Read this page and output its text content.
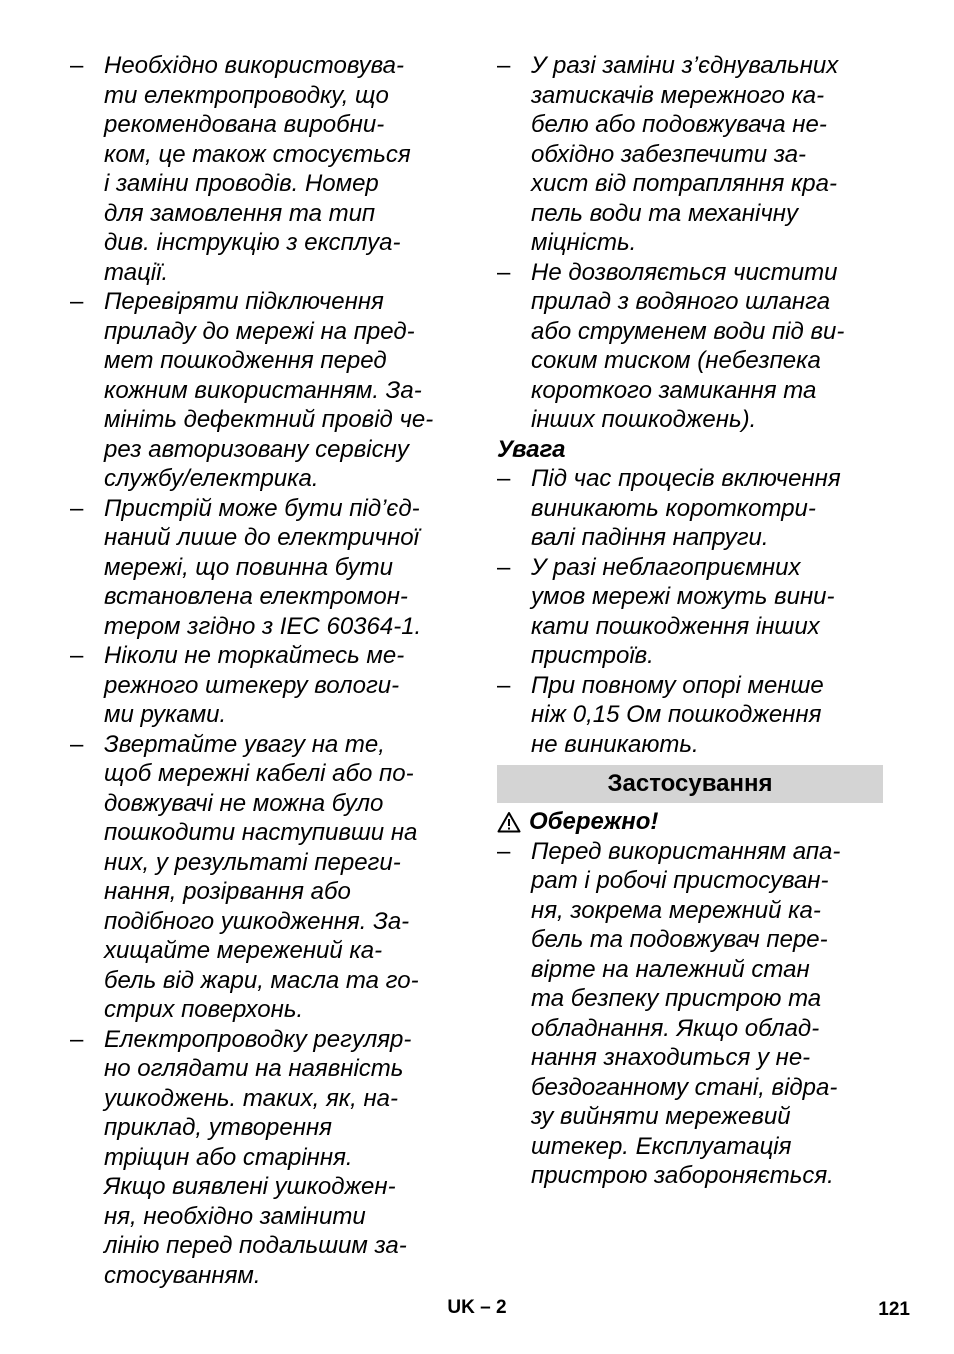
– Необхідно використовува-
ти електропроводку, що
рекомендована виробни-
ком, це також стосується
і заміни проводів. Номер
для замовлення та тип
див. інструкцію з експлуа-
тації.
– Перевіряти підключення
приладу до мережі на пред-
мет пошкодження перед
кожним використанням. За-
мініть дефектний провід че-
рез авторизовану сервісну
службу/електрика.
– Пристрій може бути під’єд-
наний лише до електричної
мережі, що повинна бути
встановлена електромон-
тером згідно з IEC 60364-1.
– Ніколи не торкайтесь ме-
режного штекеру вологи-
ми руками.
– Звертайте увагу на те,
щоб мережні кабелі або по-
довжувачі не можна було
пошкодити наступивши на
них, у результаті переги-
нання, розірвання або
подібного ушкодження. За-
хищайте мережений ка-
бель від жари, масла та го-
стрих поверхонь.
– Електропроводку регуляр-
но оглядати на наявність
ушкоджень. таких, як, на-
приклад, утворення
тріщин або старіння.
Якщо виявлені ушкоджен-
ня, необхідно замінити
лінію перед подальшим за-
стосуванням.
– У разі заміни з’єднувальних
затискачів мережного ка-
белю або подовжувача не-
обхідно забезпечити за-
хист від потрапляння кра-
пель води та механічну
міцність.
– Не дозволяється чистити
прилад з водяного шланга
або струменем води під ви-
соким тиском (небезпека
короткого замикання та
інших пошкоджень).
Увага
– Під час процесів включення
виникають короткотри-
валі падіння напруги.
– У разі неблагоприємних
умов мережі можуть вини-
кати пошкодження інших
пристроїв.
– При повному опорі менше
ніж 0,15 Ом пошкодження
не виникають.
Застосування
Обережно!
– Перед використанням апа-
рат і робочі пристосуван-
ня, зокрема мережний ка-
бель та подовжувач пере-
вірте на належний стан
та безпеку пристрою та
обладнання. Якщо облад-
нання знаходиться у не-
бездоганному стані, відра-
зу вийняти мережевий
штекер. Експлуатація
пристрою забороняється.
UK – 2	121
